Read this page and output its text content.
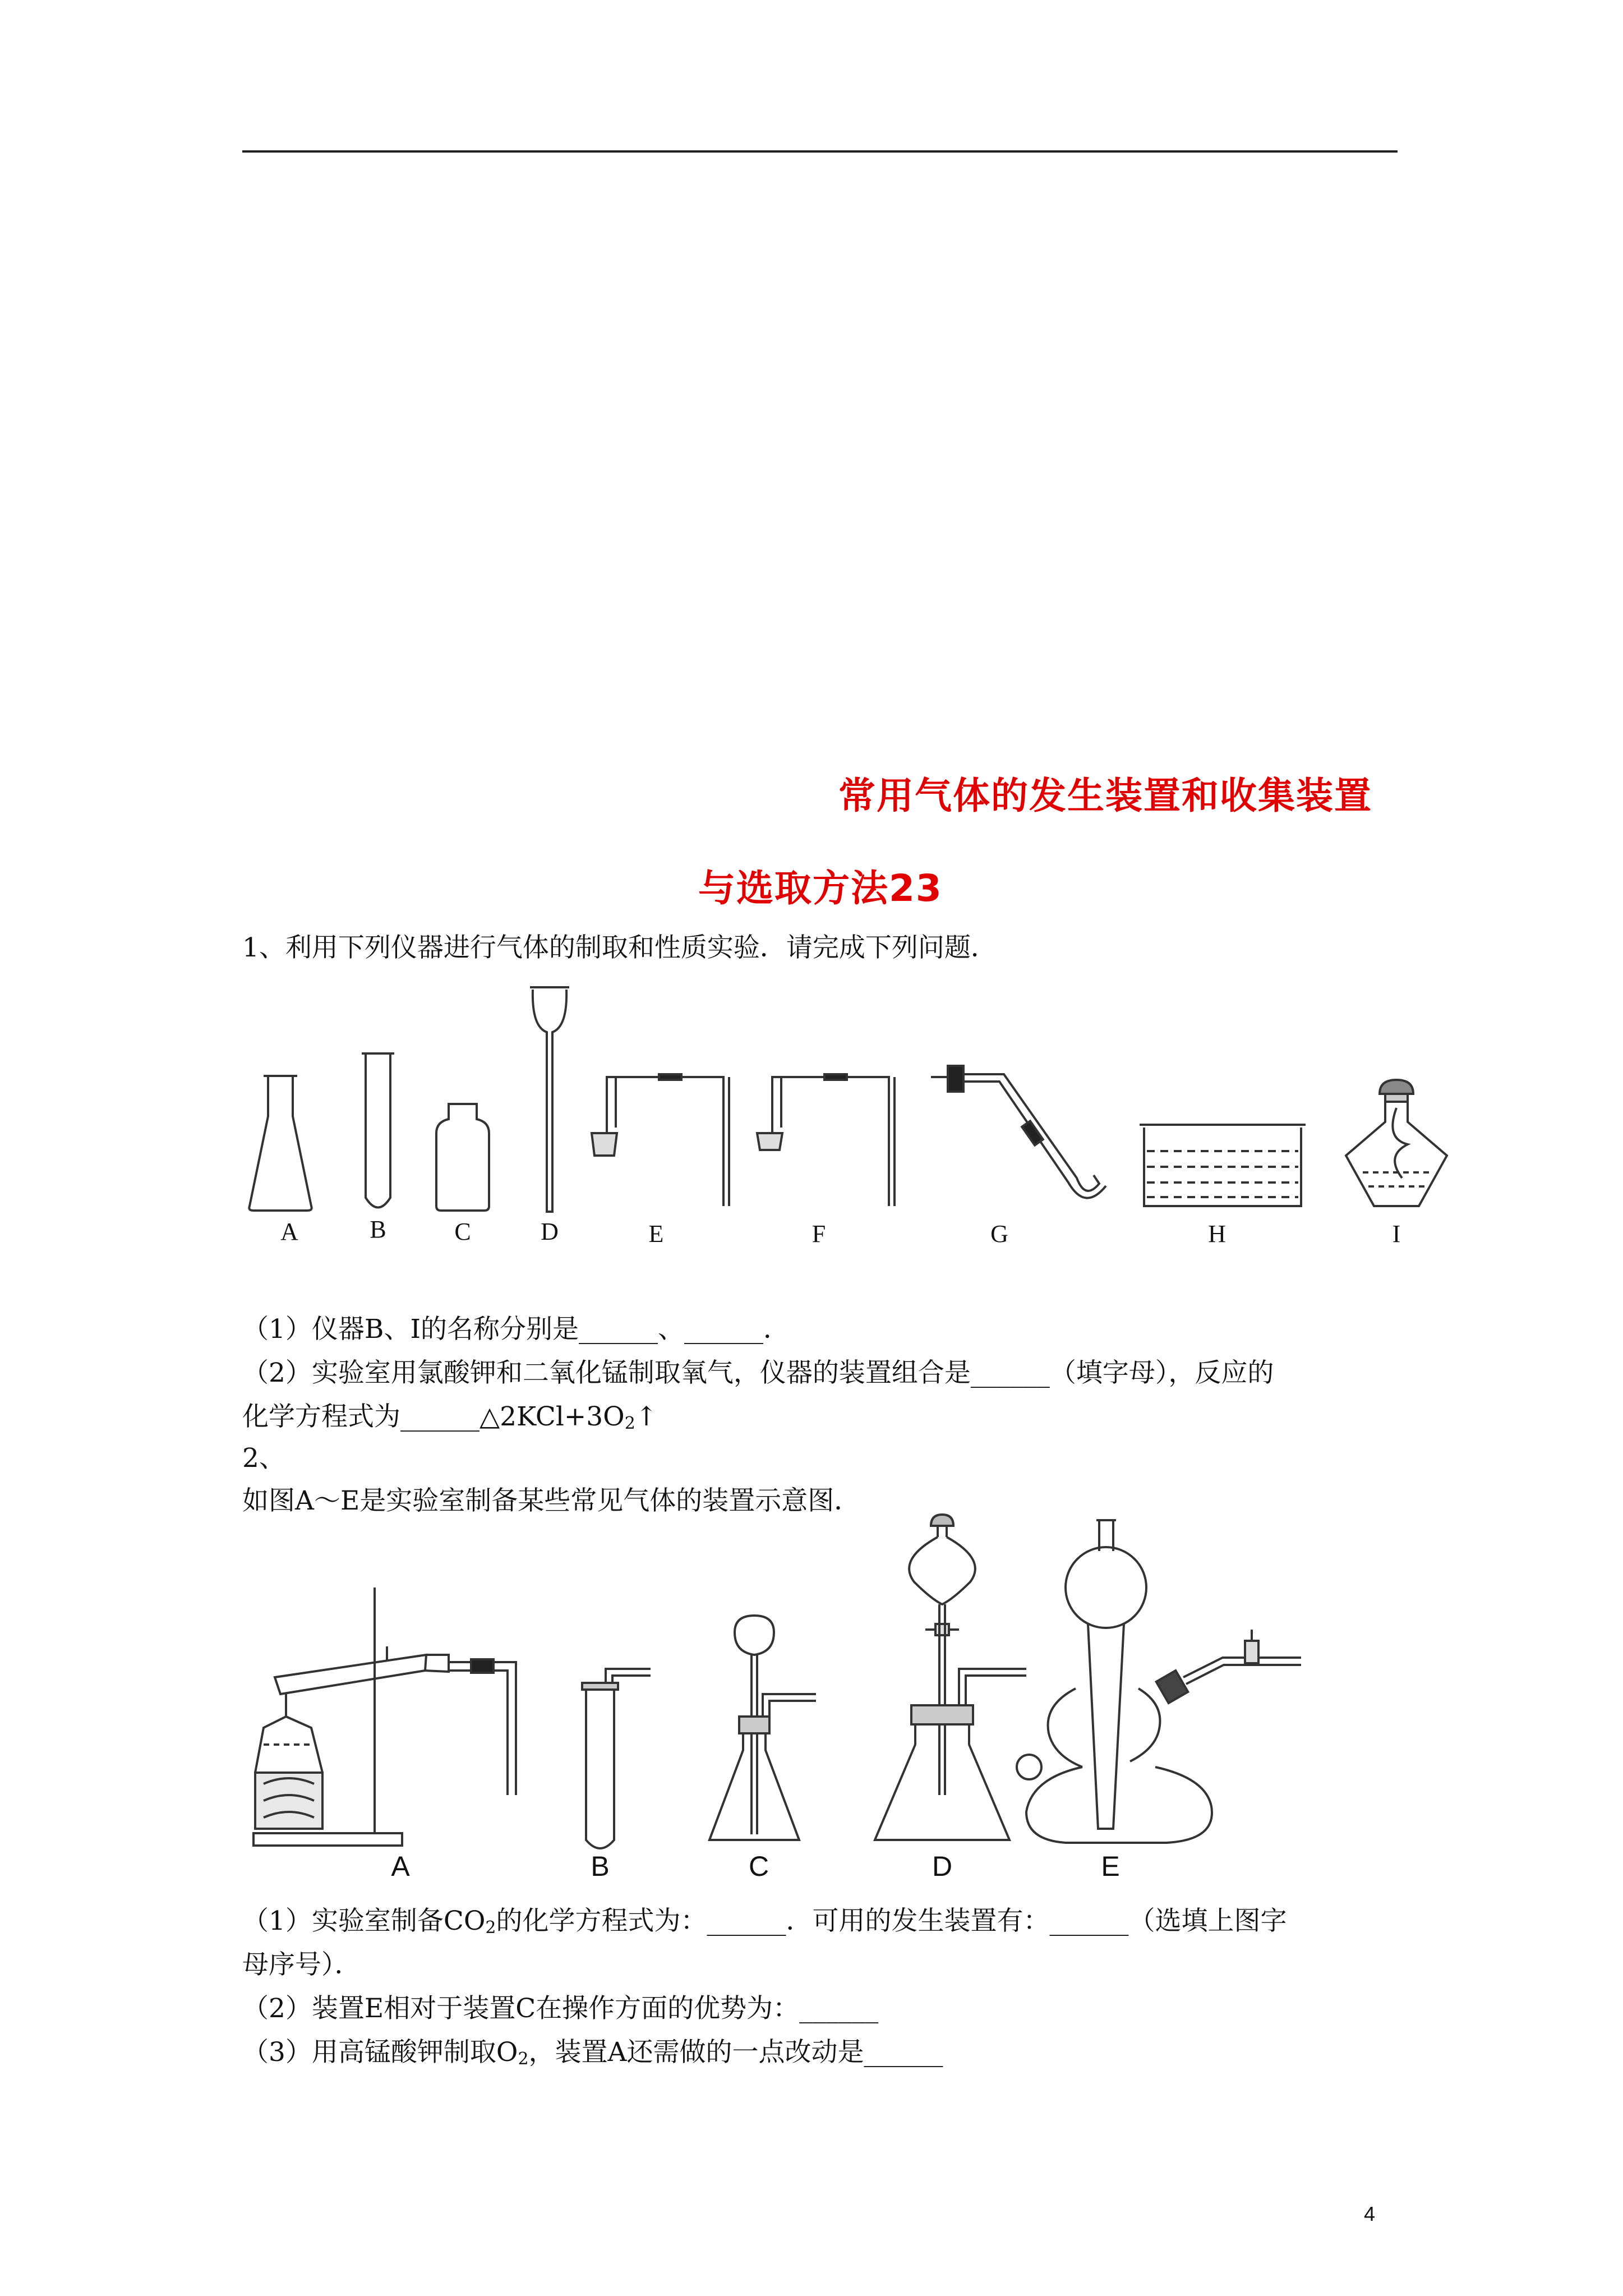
常用气体的发生装置和收集装置
与选取方法23
1、利用下列仪器进行气体的制取和性质实验．请完成下列问题．
A	B	C	D	E	F	G	H	I
（1）仪器B、I的名称分别是______、______．
（2）实验室用氯酸钾和二氧化锰制取氧气，仪器的装置组合是______（填字母），反应的
化学方程式为$\_\_\_\_\_\_\triangle 2KCl+3O_2↑$
2、
如图A～E是实验室制备某些常见气体的装置示意图．
A	B	C	D	E
（1）实验室制备$CO_2$的化学方程式为：______．可用的发生装置有：______（选填上图字
母序号）．
（2）装置E相对于装置C在操作方面的优势为：______
（3）用高锰酸钾制取$O_2$，装置A还需做的一点改动是______
4
